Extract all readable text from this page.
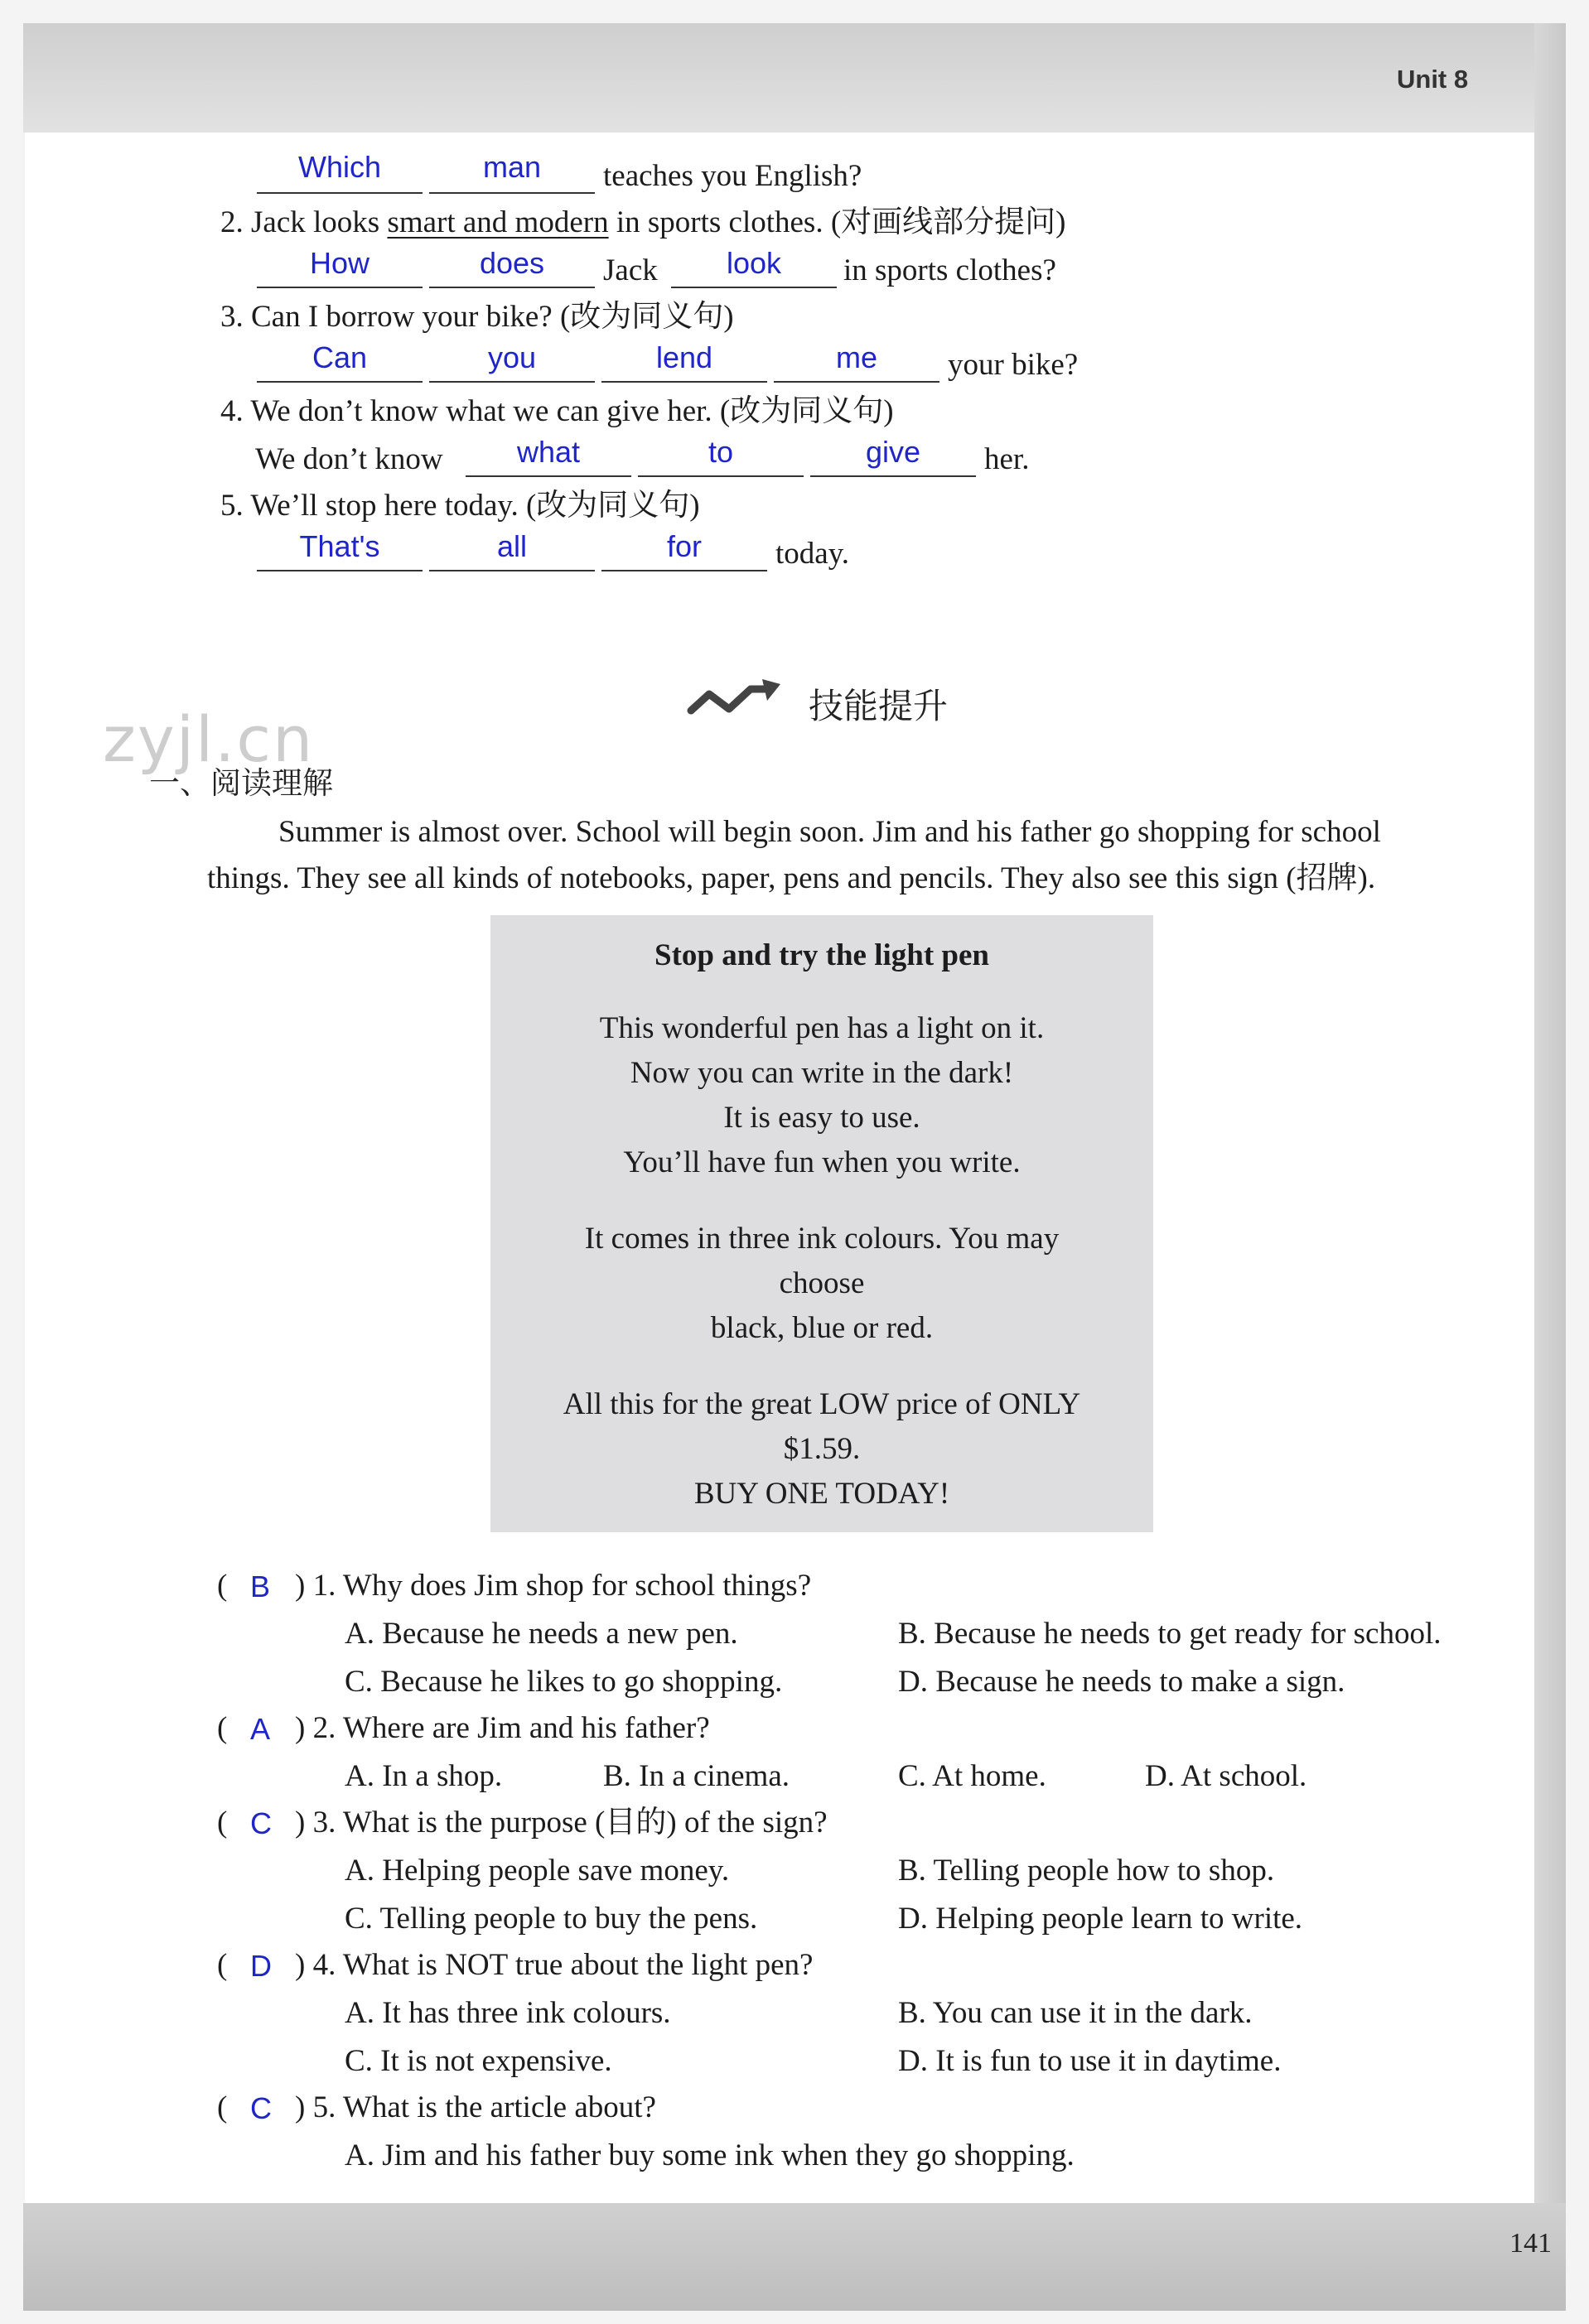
Unit 8
Which	man	teaches you English?
2. Jack looks smart and modern in sports clothes. (对画线部分提问)
How	does	Jack	look	in sports clothes?
3. Can I borrow your bike? (改为同义句)
Can	you	lend	me	your bike?
4. We don’t know what we can give her. (改为同义句)
We don’t know	what	to	give	her.
5. We’ll stop here today. (改为同义句)
That's	all	for	today.
技能提升
zyjl.cn
一、阅读理解
Summer is almost over. School will begin soon. Jim and his father go shopping for school
things. They see all kinds of notebooks, paper, pens and pencils. They also see this sign (招牌).
Stop and try the light pen
This wonderful pen has a light on it.
Now you can write in the dark!
It is easy to use.
You’ll have fun when you write.
It comes in three ink colours. You may
choose
black, blue or red.
All this for the great LOW price of ONLY
$1.59.
BUY ONE TODAY!
( B ) 1. Why does Jim shop for school things?
A. Because he needs a new pen.	B. Because he needs to get ready for school.
C. Because he likes to go shopping.	D. Because he needs to make a sign.
( A ) 2. Where are Jim and his father?
A. In a shop.	B. In a cinema.	C. At home.	D. At school.
( C ) 3. What is the purpose (目的) of the sign?
A. Helping people save money.	B. Telling people how to shop.
C. Telling people to buy the pens.	D. Helping people learn to write.
( D ) 4. What is NOT true about the light pen?
A. It has three ink colours.	B. You can use it in the dark.
C. It is not expensive.	D. It is fun to use it in daytime.
( C ) 5. What is the article about?
A. Jim and his father buy some ink when they go shopping.
141
